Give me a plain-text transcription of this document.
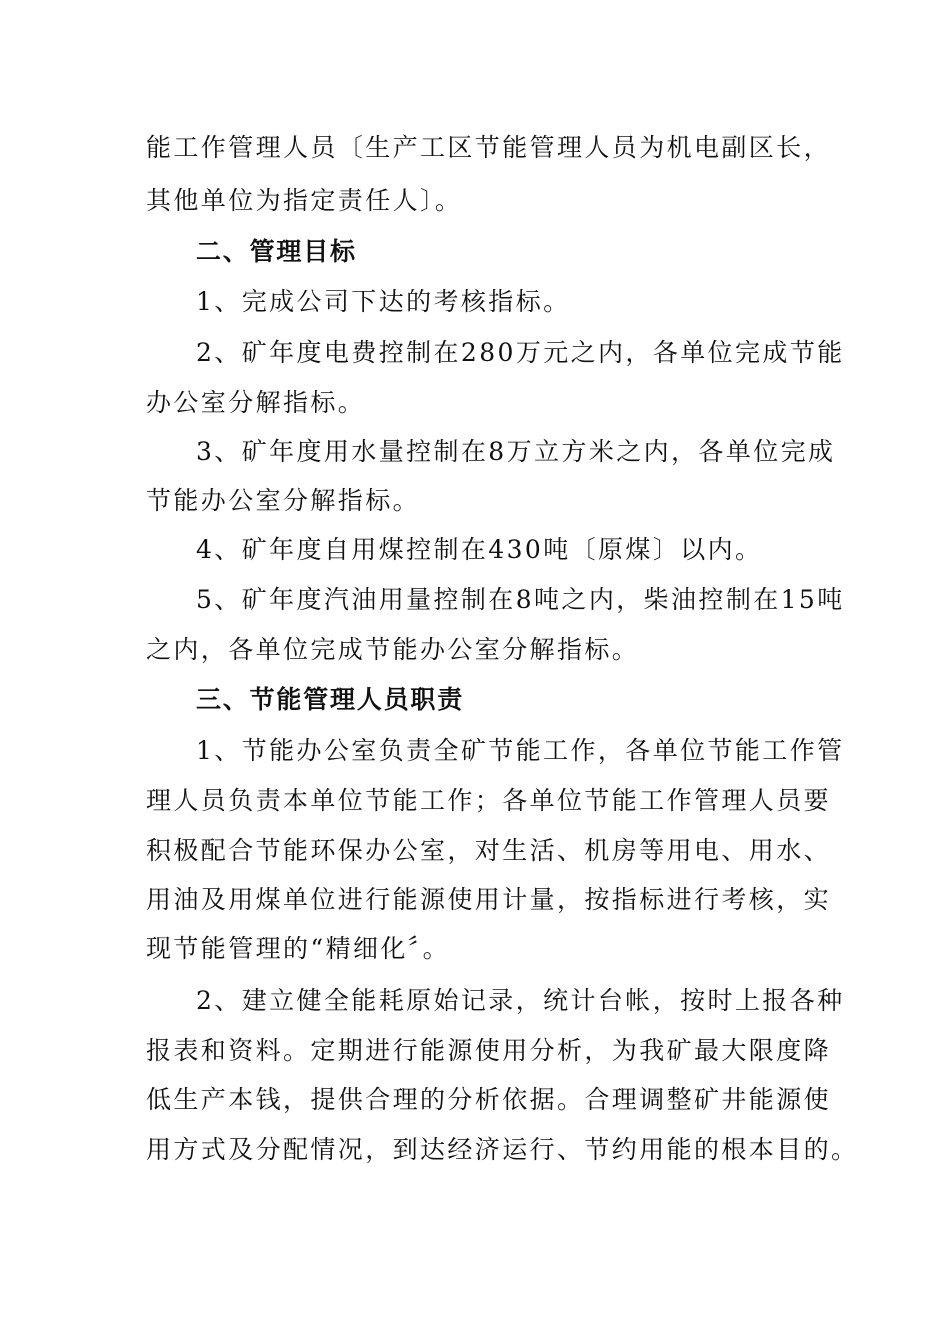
能工作管理人员〔生产工区节能管理人员为机电副区长，
其他单位为指定责任人〕。
二、管理目标
1、完成公司下达的考核指标。
2、矿年度电费控制在280万元之内，各单位完成节能
办公室分解指标。
3、矿年度用水量控制在8万立方米之内，各单位完成
节能办公室分解指标。
4、矿年度自用煤控制在430吨〔原煤〕以内。
5、矿年度汽油用量控制在8吨之内，柴油控制在15吨
之内，各单位完成节能办公室分解指标。
三、节能管理人员职责
1、节能办公室负责全矿节能工作，各单位节能工作管
理人员负责本单位节能工作；各单位节能工作管理人员要
积极配合节能环保办公室，对生活、机房等用电、用水、
用油及用煤单位进行能源使用计量，按指标进行考核，实
现节能管理的“精细化〞。
2、建立健全能耗原始记录，统计台帐，按时上报各种
报表和资料。定期进行能源使用分析，为我矿最大限度降
低生产本钱，提供合理的分析依据。合理调整矿井能源使
用方式及分配情况，到达经济运行、节约用能的根本目的。
